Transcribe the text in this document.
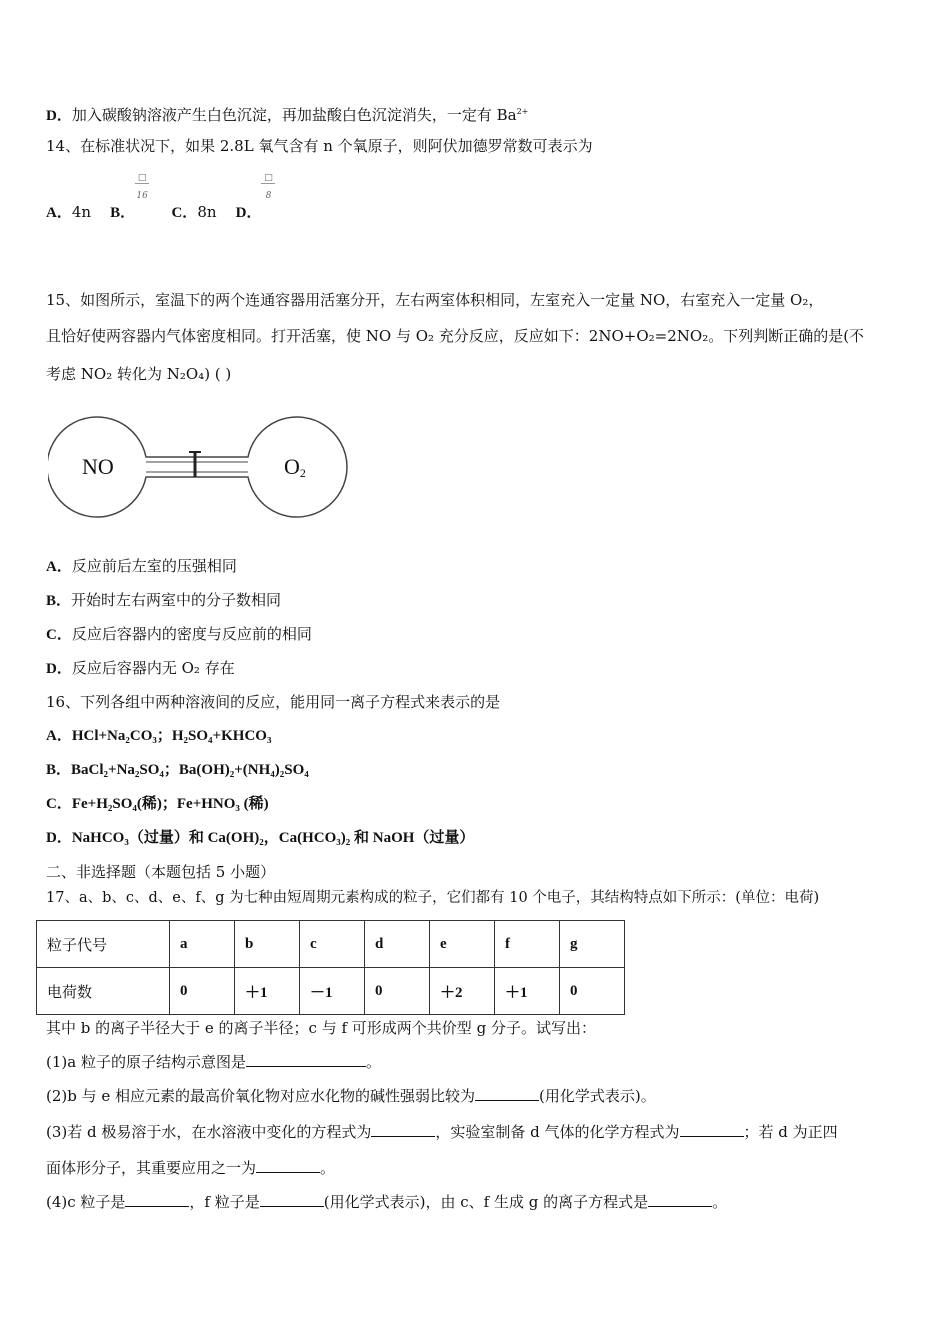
D．加入碳酸钠溶液产生白色沉淀，再加盐酸白色沉淀消失，一定有 $Ba^{2+}$
14、在标准状况下，如果 2.8L 氧气含有 n 个氧原子，则阿伏加德罗常数可表示为
A．4n B． $\frac{□}{16}$ C．8n D． $\frac{□}{8}$
15、如图所示，室温下的两个连通容器用活塞分开，左右两室体积相同，左室充入一定量 NO，右室充入一定量 O₂，
且恰好使两容器内气体密度相同。打开活塞，使 NO 与 O₂ 充分反应，反应如下：2NO+O₂=2NO₂。下列判断正确的是(不
考虑 NO₂ 转化为 N₂O₄) ( )
NO	$O_2$
A．反应前后左室的压强相同
B．开始时左右两室中的分子数相同
C．反应后容器内的密度与反应前的相同
D．反应后容器内无 O₂ 存在
16、下列各组中两种溶液间的反应，能用同一离子方程式来表示的是
A．HCl+Na₂CO₃；H₂SO₄+KHCO₃
B．BaCl₂+Na₂SO₄；Ba(OH)₂+(NH₄)₂SO₄
C．Fe+H₂SO₄(稀)；Fe+HNO₃ (稀)
D．NaHCO₃（过量）和 Ca(OH)₂，Ca(HCO₃)₂ 和 NaOH（过量）
二、非选择题（本题包括 5 小题）
17、a、b、c、d、e、f、g 为七种由短周期元素构成的粒子，它们都有 10 个电子，其结构特点如下所示：(单位：电荷)
粒子代号	a	b	c	d	e	f	g
电荷数	0	＋1	－1	0	＋2	＋1	0
其中 b 的离子半径大于 e 的离子半径；c 与 f 可形成两个共价型 g 分子。试写出：
(1)a 粒子的原子结构示意图是	。
(2)b 与 e 相应元素的最高价氧化物对应水化物的碱性强弱比较为	(用化学式表示)。
(3)若 d 极易溶于水，在水溶液中变化的方程式为	，实验室制备 d 气体的化学方程式为	；若 d 为正四
面体形分子，其重要应用之一为	。
(4)c 粒子是	，f 粒子是	(用化学式表示)，由 c、f 生成 g 的离子方程式是	。
